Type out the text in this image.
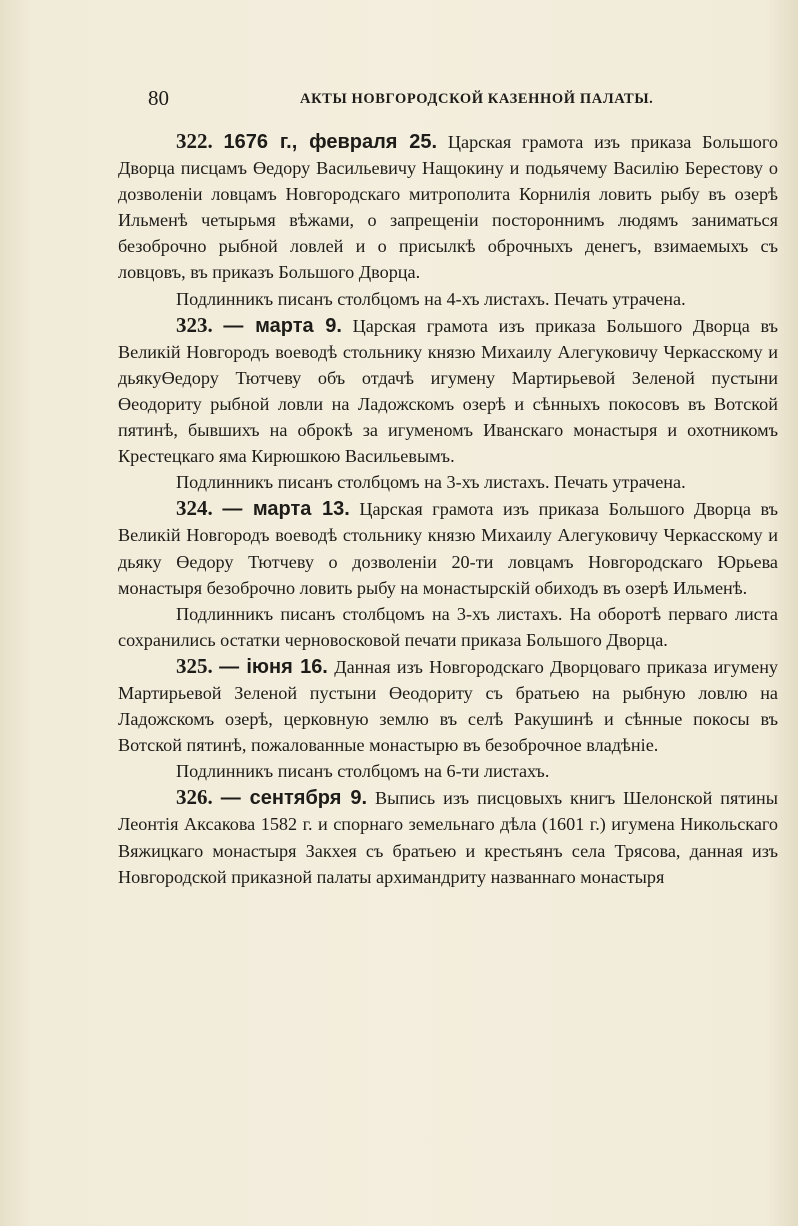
80	АКТЫ НОВГОРОДСКОЙ КАЗЕННОЙ ПАЛАТЫ.

322. 1676 г., февраля 25. Царская грамота изъ приказа Большого Дворца писцамъ Өедору Васильевичу Нащокину и подьячему Василію Берестову о дозволеніи ловцамъ Новгородскаго митрополита Корнилія ловить рыбу въ озерѣ Ильменѣ четырьмя вѣжами, о запрещеніи постороннимъ людямъ заниматься безоброчно рыбной ловлей и о присылкѣ оброчныхъ денегъ, взимаемыхъ съ ловцовъ, въ приказъ Большого Дворца.

Подлинникъ писанъ столбцомъ на 4-хъ листахъ. Печать утрачена.

323. — марта 9. Царская грамота изъ приказа Большого Дворца въ Великій Новгородъ воеводѣ стольнику князю Михаилу Алегуковичу Черкасскому и дьякуӨедору Тютчеву объ отдачѣ игумену Мартирьевой Зеленой пустыни Өеодориту рыбной ловли на Ладожскомъ озерѣ и сѣнныхъ покосовъ въ Вотской пятинѣ, бывшихъ на оброкѣ за игуменомъ Иванскаго монастыря и охотникомъ Крестецкаго яма Кирюшкою Васильевымъ.

Подлинникъ писанъ столбцомъ на 3-хъ листахъ. Печать утрачена.

324. — марта 13. Царская грамота изъ приказа Большого Дворца въ Великій Новгородъ воеводѣ стольнику князю Михаилу Алегуковичу Черкасскому и дьяку Өедору Тютчеву о дозволеніи 20-ти ловцамъ Новгородскаго Юрьева монастыря безоброчно ловить рыбу на монастырскій обиходъ въ озерѣ Ильменѣ.

Подлинникъ писанъ столбцомъ на 3-хъ листахъ. На оборотѣ перваго листа сохранились остатки черновосковой печати приказа Большого Дворца.

325. — іюня 16. Данная изъ Новгородскаго Дворцоваго приказа игумену Мартирьевой Зеленой пустыни Өеодориту съ братьею на рыбную ловлю на Ладожскомъ озерѣ, церковную землю въ селѣ Ракушинѣ и сѣнные покосы въ Вотской пятинѣ, пожалованные монастырю въ безоброчное владѣніе.

Подлинникъ писанъ столбцомъ на 6-ти листахъ.

326. — сентября 9. Выпись изъ писцовыхъ книгъ Шелонской пятины Леонтія Аксакова 1582 г. и спорнаго земельнаго дѣла (1601 г.) игумена Никольскаго Вяжицкаго монастыря Закхея съ братьею и крестьянъ села Трясова, данная изъ Новгородской приказной палаты архимандриту названнаго монастыря
